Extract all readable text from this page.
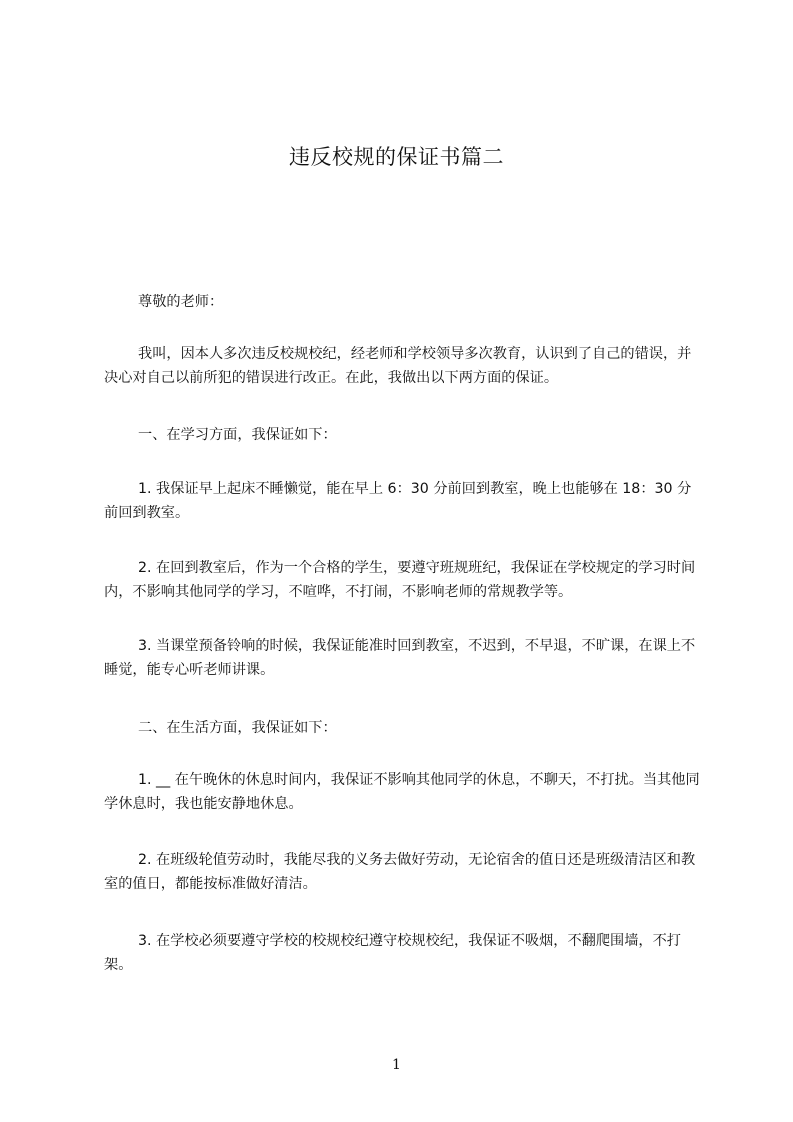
违反校规的保证书篇二

尊敬的老师：

我叫，因本人多次违反校规校纪，经老师和学校领导多次教育，认识到了自己的错误，并决心对自己以前所犯的错误进行改正。在此，我做出以下两方面的保证。

一、在学习方面，我保证如下：

1. 我保证早上起床不睡懒觉，能在早上 6：30 分前回到教室，晚上也能够在 18：30 分前回到教室。

2. 在回到教室后，作为一个合格的学生，要遵守班规班纪，我保证在学校规定的学习时间内，不影响其他同学的学习，不喧哗，不打闹，不影响老师的常规教学等。

3. 当课堂预备铃响的时候，我保证能准时回到教室，不迟到，不早退，不旷课，在课上不睡觉，能专心听老师讲课。

二、在生活方面，我保证如下：

1. __ 在午晚休的休息时间内，我保证不影响其他同学的休息，不聊天，不打扰。当其他同学休息时，我也能安静地休息。

2. 在班级轮值劳动时，我能尽我的义务去做好劳动，无论宿舍的值日还是班级清洁区和教室的值日，都能按标准做好清洁。

3. 在学校必须要遵守学校的校规校纪遵守校规校纪，我保证不吸烟，不翻爬围墙，不打架。

1
